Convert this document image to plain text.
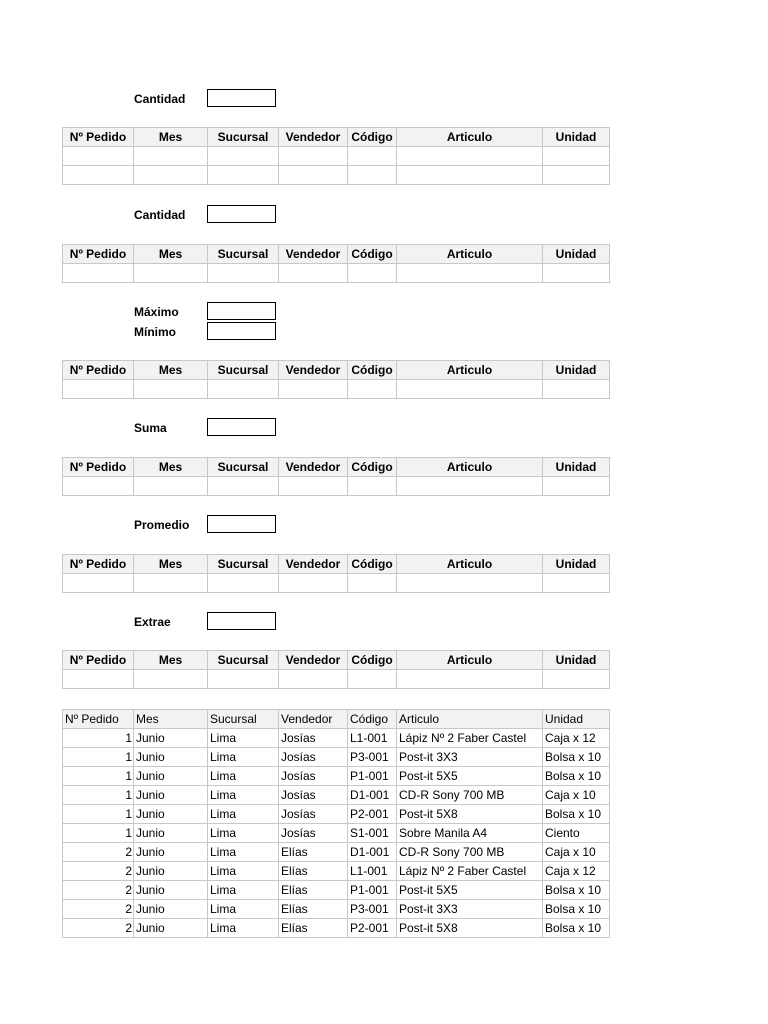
Cantidad
Nº Pedido	Mes	Sucursal	Vendedor	Código	Articulo	Unidad

Cantidad
Nº Pedido	Mes	Sucursal	Vendedor	Código	Articulo	Unidad

Máximo
Mínimo
Nº Pedido	Mes	Sucursal	Vendedor	Código	Articulo	Unidad

Suma
Nº Pedido	Mes	Sucursal	Vendedor	Código	Articulo	Unidad

Promedio
Nº Pedido	Mes	Sucursal	Vendedor	Código	Articulo	Unidad

Extrae
Nº Pedido	Mes	Sucursal	Vendedor	Código	Articulo	Unidad

Nº Pedido	Mes	Sucursal	Vendedor	Código	Articulo	Unidad
1	Junio	Lima	Josías	L1-001	Lápiz Nº 2 Faber Castel	Caja x 12
1	Junio	Lima	Josías	P3-001	Post-it 3X3	Bolsa x 10
1	Junio	Lima	Josías	P1-001	Post-it 5X5	Bolsa x 10
1	Junio	Lima	Josías	D1-001	CD-R Sony 700 MB	Caja x 10
1	Junio	Lima	Josías	P2-001	Post-it 5X8	Bolsa x 10
1	Junio	Lima	Josías	S1-001	Sobre Manila A4	Ciento
2	Junio	Lima	Elías	D1-001	CD-R Sony 700 MB	Caja x 10
2	Junio	Lima	Elías	L1-001	Lápiz Nº 2 Faber Castel	Caja x 12
2	Junio	Lima	Elías	P1-001	Post-it 5X5	Bolsa x 10
2	Junio	Lima	Elías	P3-001	Post-it 3X3	Bolsa x 10
2	Junio	Lima	Elías	P2-001	Post-it 5X8	Bolsa x 10
